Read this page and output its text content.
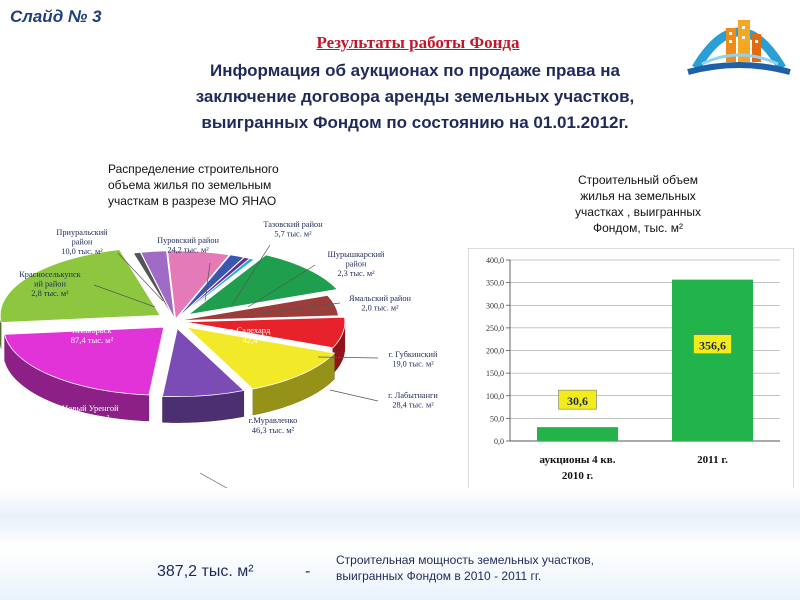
Слайд № 3
Результаты работы Фонда
Информация об аукционах по продаже права на
заключение договора аренды земельных участков,
выигранных Фондом по состоянию на 01.01.2012г.
Распределение строительного
объема жилья по земельным
участкам в разрезе МО ЯНАО
Пуровский район 24,2 тыс. м²
Тазовский район 5,7 тыс. м²
Шурышкарский район 2,3 тыс. м²
Ямальский район 2,0 тыс. м²
г. Салехард 42,4
г. Губкинский 19,0 тыс. м²
г. Лабытнанги 28,4 тыс. м²
г.Муравленко 46,3 тыс. м²
г.Новый Уренгой 84,6 тыс. м²
г.Ноябрьск 87,4 тыс. м²
Красноселькупск ий район 2,8 тыс. м²
Приуральский район 10,0 тыс. м²
Строительный объем
жилья на земельных
участках , выигранных
Фондом, тыс. м²
0,0
50,0
100,0
150,0
200,0
250,0
300,0
350,0
400,0
30,6
аукционы 4 кв. 2010 г.
356,6
2011 г.
387,2 тыс. м²	-
Строительная мощность земельных участков,
выигранных Фондом в 2010 - 2011 гг.
